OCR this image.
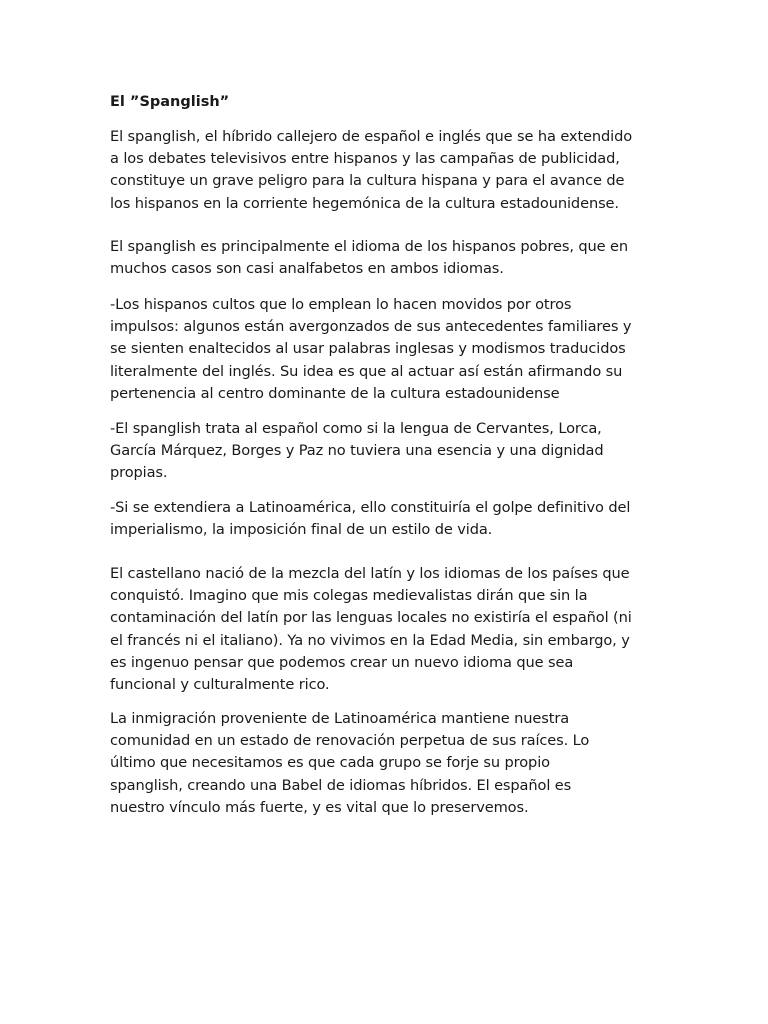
El ”Spanglish”

El spanglish, el híbrido callejero de español e inglés que se ha extendido
a los debates televisivos entre hispanos y las campañas de publicidad,
constituye un grave peligro para la cultura hispana y para el avance de
los hispanos en la corriente hegemónica de la cultura estadounidense.

El spanglish es principalmente el idioma de los hispanos pobres, que en
muchos casos son casi analfabetos en ambos idiomas.

-Los hispanos cultos que lo emplean lo hacen movidos por otros
impulsos: algunos están avergonzados de sus antecedentes familiares y
se sienten enaltecidos al usar palabras inglesas y modismos traducidos
literalmente del inglés. Su idea es que al actuar así están afirmando su
pertenencia al centro dominante de la cultura estadounidense

-El spanglish trata al español como si la lengua de Cervantes, Lorca,
García Márquez, Borges y Paz no tuviera una esencia y una dignidad
propias.

-Si se extendiera a Latinoamérica, ello constituiría el golpe definitivo del
imperialismo, la imposición final de un estilo de vida.

El castellano nació de la mezcla del latín y los idiomas de los países que
conquistó. Imagino que mis colegas medievalistas dirán que sin la
contaminación del latín por las lenguas locales no existiría el español (ni
el francés ni el italiano). Ya no vivimos en la Edad Media, sin embargo, y
es ingenuo pensar que podemos crear un nuevo idioma que sea
funcional y culturalmente rico.

La inmigración proveniente de Latinoamérica mantiene nuestra
comunidad en un estado de renovación perpetua de sus raíces. Lo
último que necesitamos es que cada grupo se forje su propio
spanglish, creando una Babel de idiomas híbridos. El español es
nuestro vínculo más fuerte, y es vital que lo preservemos.
